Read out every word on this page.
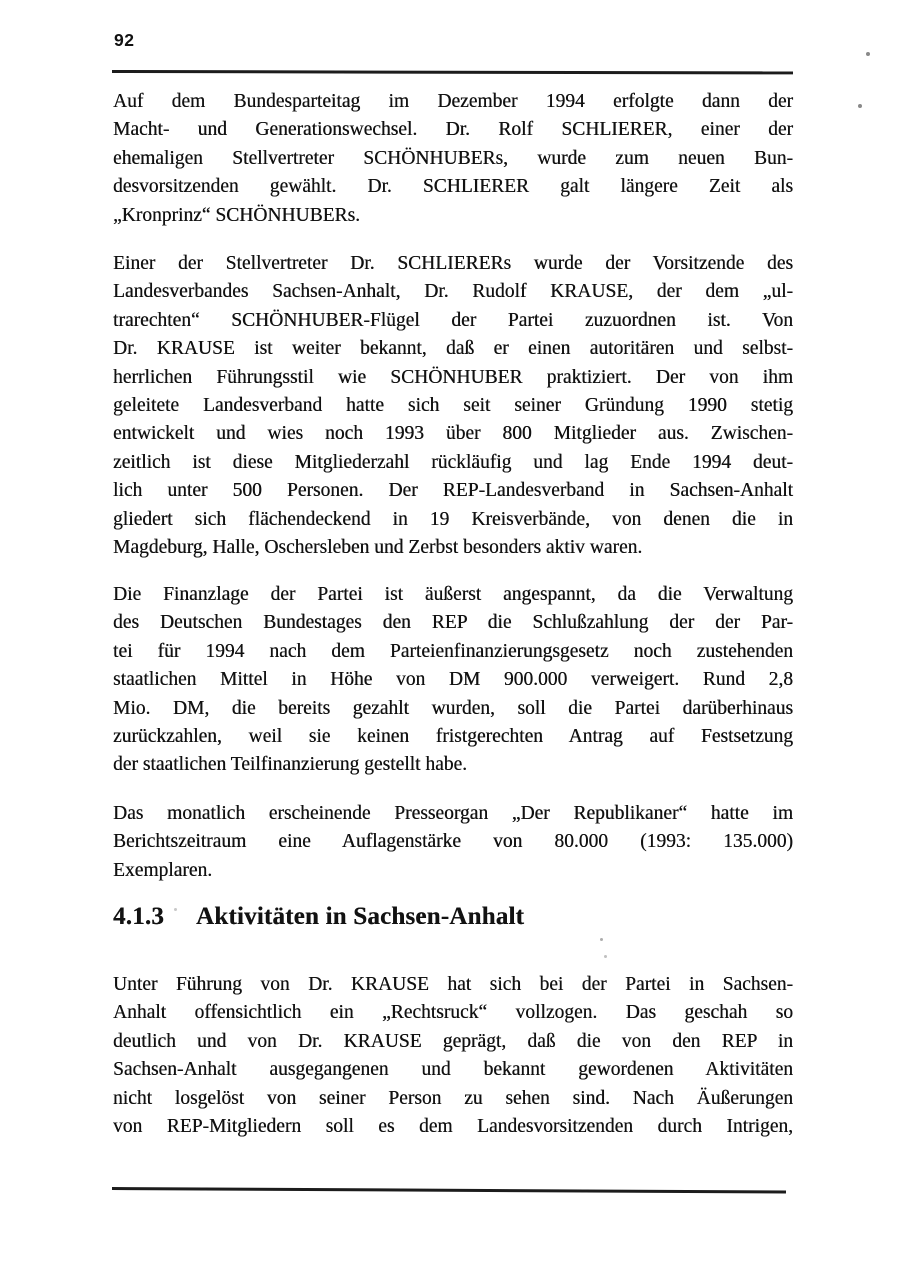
92
Auf dem Bundesparteitag im Dezember 1994 erfolgte dann der
Macht- und Generationswechsel. Dr. Rolf SCHLIERER, einer der
ehemaligen Stellvertreter SCHÖNHUBERs, wurde zum neuen Bun-
desvorsitzenden gewählt. Dr. SCHLIERER galt längere Zeit als
„Kronprinz“ SCHÖNHUBERs.
Einer der Stellvertreter Dr. SCHLIERERs wurde der Vorsitzende des
Landesverbandes Sachsen-Anhalt, Dr. Rudolf KRAUSE, der dem „ul-
trarechten“ SCHÖNHUBER-Flügel der Partei zuzuordnen ist. Von
Dr. KRAUSE ist weiter bekannt, daß er einen autoritären und selbst-
herrlichen Führungsstil wie SCHÖNHUBER praktiziert. Der von ihm
geleitete Landesverband hatte sich seit seiner Gründung 1990 stetig
entwickelt und wies noch 1993 über 800 Mitglieder aus. Zwischen-
zeitlich ist diese Mitgliederzahl rückläufig und lag Ende 1994 deut-
lich unter 500 Personen. Der REP-Landesverband in Sachsen-Anhalt
gliedert sich flächendeckend in 19 Kreisverbände, von denen die in
Magdeburg, Halle, Oschersleben und Zerbst besonders aktiv waren.
Die Finanzlage der Partei ist äußerst angespannt, da die Verwaltung
des Deutschen Bundestages den REP die Schlußzahlung der der Par-
tei für 1994 nach dem Parteienfinanzierungsgesetz noch zustehenden
staatlichen Mittel in Höhe von DM 900.000 verweigert. Rund 2,8
Mio. DM, die bereits gezahlt wurden, soll die Partei darüberhinaus
zurückzahlen, weil sie keinen fristgerechten Antrag auf Festsetzung
der staatlichen Teilfinanzierung gestellt habe.
Das monatlich erscheinende Presseorgan „Der Republikaner“ hatte im
Berichtszeitraum eine Auflagenstärke von 80.000 (1993: 135.000)
Exemplaren.
4.1.3 Aktivitäten in Sachsen-Anhalt
Unter Führung von Dr. KRAUSE hat sich bei der Partei in Sachsen-
Anhalt offensichtlich ein „Rechtsruck“ vollzogen. Das geschah so
deutlich und von Dr. KRAUSE geprägt, daß die von den REP in
Sachsen-Anhalt ausgegangenen und bekannt gewordenen Aktivitäten
nicht losgelöst von seiner Person zu sehen sind. Nach Äußerungen
von REP-Mitgliedern soll es dem Landesvorsitzenden durch Intrigen,
